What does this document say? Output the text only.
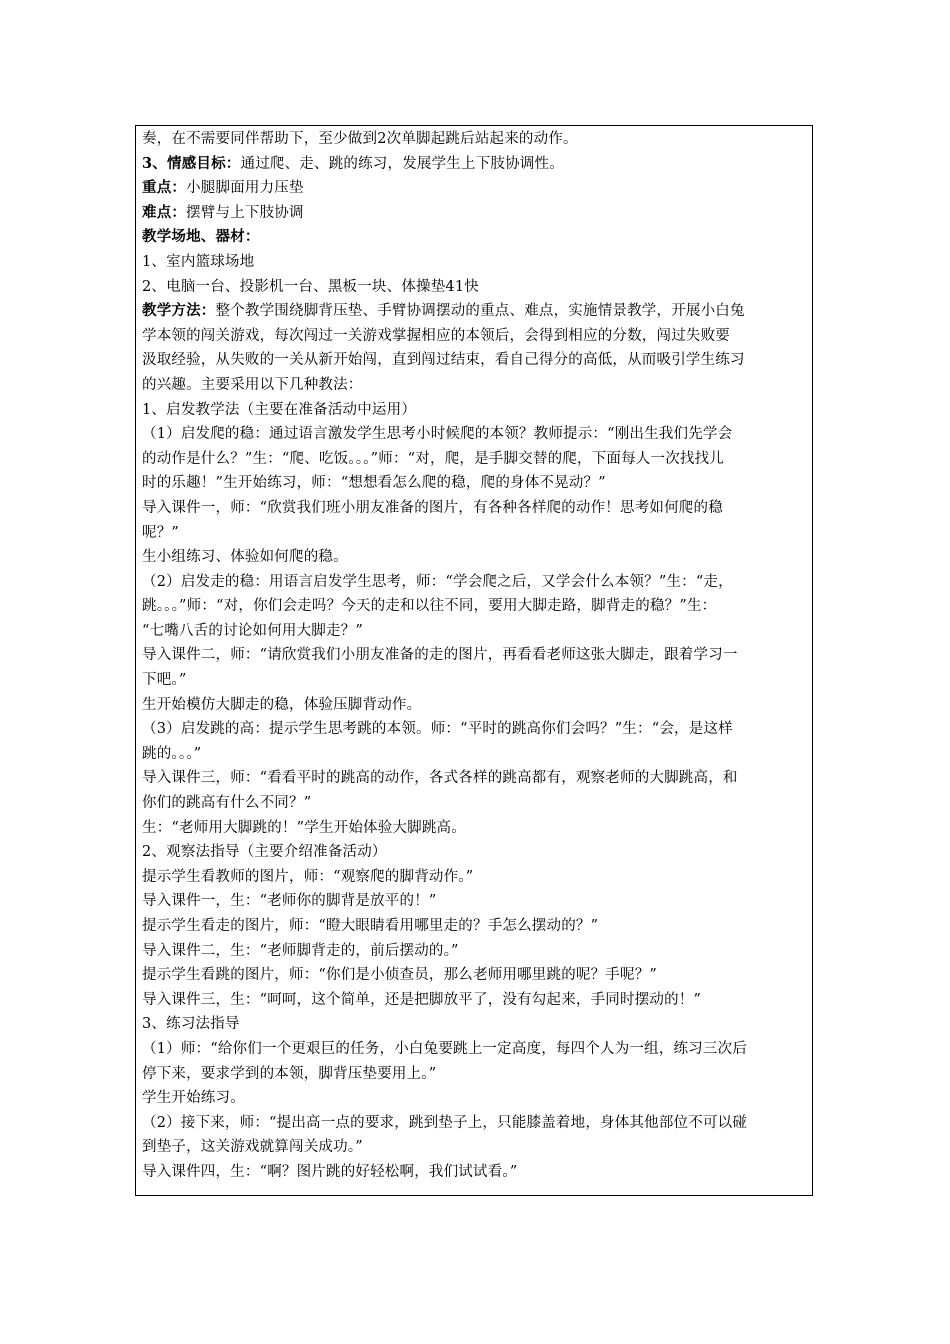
奏，在不需要同伴帮助下，至少做到2次单脚起跳后站起来的动作。
3、情感目标：通过爬、走、跳的练习，发展学生上下肢协调性。
重点：小腿脚面用力压垫
难点：摆臂与上下肢协调
教学场地、器材：
1、室内篮球场地
2、电脑一台、投影机一台、黑板一块、体操垫41快
教学方法：整个教学围绕脚背压垫、手臂协调摆动的重点、难点，实施情景教学，开展小白兔
学本领的闯关游戏，每次闯过一关游戏掌握相应的本领后，会得到相应的分数，闯过失败要
汲取经验，从失败的一关从新开始闯，直到闯过结束，看自己得分的高低，从而吸引学生练习
的兴趣。主要采用以下几种教法：
1、启发教学法（主要在准备活动中运用）
（1）启发爬的稳：通过语言激发学生思考小时候爬的本领？教师提示：“刚出生我们先学会
的动作是什么？”生：“爬、吃饭。。。”师：“对，爬，是手脚交替的爬，下面每人一次找找儿
时的乐趣！”生开始练习，师：“想想看怎么爬的稳，爬的身体不晃动？”
导入课件一，师：“欣赏我们班小朋友准备的图片，有各种各样爬的动作！思考如何爬的稳
呢？”
生小组练习、体验如何爬的稳。
（2）启发走的稳：用语言启发学生思考，师：“学会爬之后，又学会什么本领？”生：“走，
跳。。。”师：“对，你们会走吗？今天的走和以往不同，要用大脚走路，脚背走的稳？”生：
“七嘴八舌的讨论如何用大脚走？”
导入课件二，师：“请欣赏我们小朋友准备的走的图片，再看看老师这张大脚走，跟着学习一
下吧。”
生开始模仿大脚走的稳，体验压脚背动作。
（3）启发跳的高：提示学生思考跳的本领。师：“平时的跳高你们会吗？”生：“会，是这样
跳的。。。”
导入课件三，师：“看看平时的跳高的动作，各式各样的跳高都有，观察老师的大脚跳高，和
你们的跳高有什么不同？”
生：“老师用大脚跳的！”学生开始体验大脚跳高。
2、观察法指导（主要介绍准备活动）
提示学生看教师的图片，师：“观察爬的脚背动作。”
导入课件一，生：“老师你的脚背是放平的！”
提示学生看走的图片，师：“瞪大眼睛看用哪里走的？手怎么摆动的？”
导入课件二，生：“老师脚背走的，前后摆动的。”
提示学生看跳的图片，师：“你们是小侦查员，那么老师用哪里跳的呢？手呢？”
导入课件三，生：“呵呵，这个简单，还是把脚放平了，没有勾起来，手同时摆动的！”
3、练习法指导
（1）师：“给你们一个更艰巨的任务，小白兔要跳上一定高度，每四个人为一组，练习三次后
停下来，要求学到的本领，脚背压垫要用上。”
学生开始练习。
（2）接下来，师：“提出高一点的要求，跳到垫子上，只能膝盖着地，身体其他部位不可以碰
到垫子，这关游戏就算闯关成功。”
导入课件四，生：“啊？图片跳的好轻松啊，我们试试看。”
